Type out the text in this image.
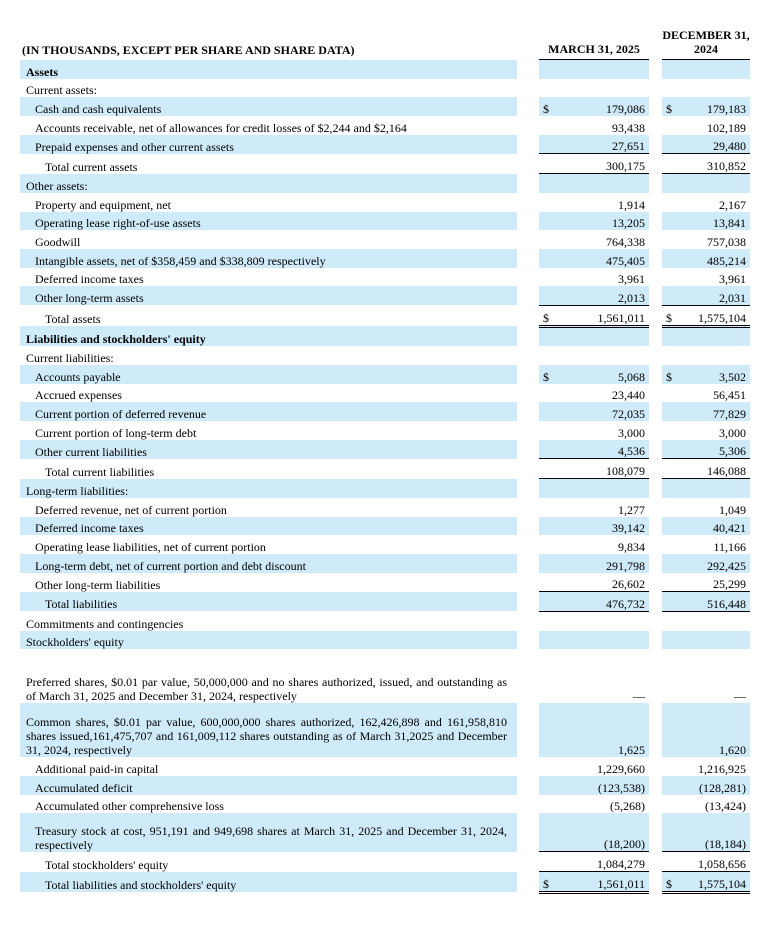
(IN THOUSANDS, EXCEPT PER SHARE AND SHARE DATA)		MARCH 31, 2025			DECEMBER 31,
2024	
Assets						
Current assets:						
Cash and cash equivalents		$	179,086		$	179,183
Accounts receivable, net of allowances for credit losses of $2,244 and $2,164			93,438			102,189
Prepaid expenses and other current assets			27,651			29,480
Total current assets			300,175			310,852
Other assets:						
Property and equipment, net			1,914			2,167
Operating lease right-of-use assets			13,205			13,841
Goodwill			764,338			757,038
Intangible assets, net of $358,459 and $338,809 respectively			475,405			485,214
Deferred income taxes			3,961			3,961
Other long-term assets			2,013			2,031
Total assets		$	1,561,011		$	1,575,104
Liabilities and stockholders' equity						
Current liabilities:						
Accounts payable		$	5,068		$	3,502
Accrued expenses			23,440			56,451
Current portion of deferred revenue			72,035			77,829
Current portion of long-term debt			3,000			3,000
Other current liabilities			4,536			5,306
Total current liabilities			108,079			146,088
Long-term liabilities:						
Deferred revenue, net of current portion			1,277			1,049
Deferred income taxes			39,142			40,421
Operating lease liabilities, net of current portion			9,834			11,166
Long-term debt, net of current portion and debt discount			291,798			292,425
Other long-term liabilities			26,602			25,299
Total liabilities			476,732			516,448
Commitments and contingencies						
Stockholders' equity						

Preferred shares, $0.01 par value, 50,000,000 and no shares authorized, issued, and outstanding as of March 31, 2025 and December 31, 2024, respectively			—			—
Common shares, $0.01 par value, 600,000,000 shares authorized, 162,426,898 and 161,958,810 shares issued,161,475,707 and 161,009,112 shares outstanding as of March 31,2025 and December 31, 2024, respectively			1,625			1,620
Additional paid-in capital			1,229,660			1,216,925
Accumulated deficit			(123,538)			(128,281)
Accumulated other comprehensive loss			(5,268)			(13,424)
Treasury stock at cost, 951,191 and 949,698 shares at March 31, 2025 and December 31, 2024, respectively			(18,200)			(18,184)
Total stockholders' equity			1,084,279			1,058,656
Total liabilities and stockholders' equity		$	1,561,011		$	1,575,104
